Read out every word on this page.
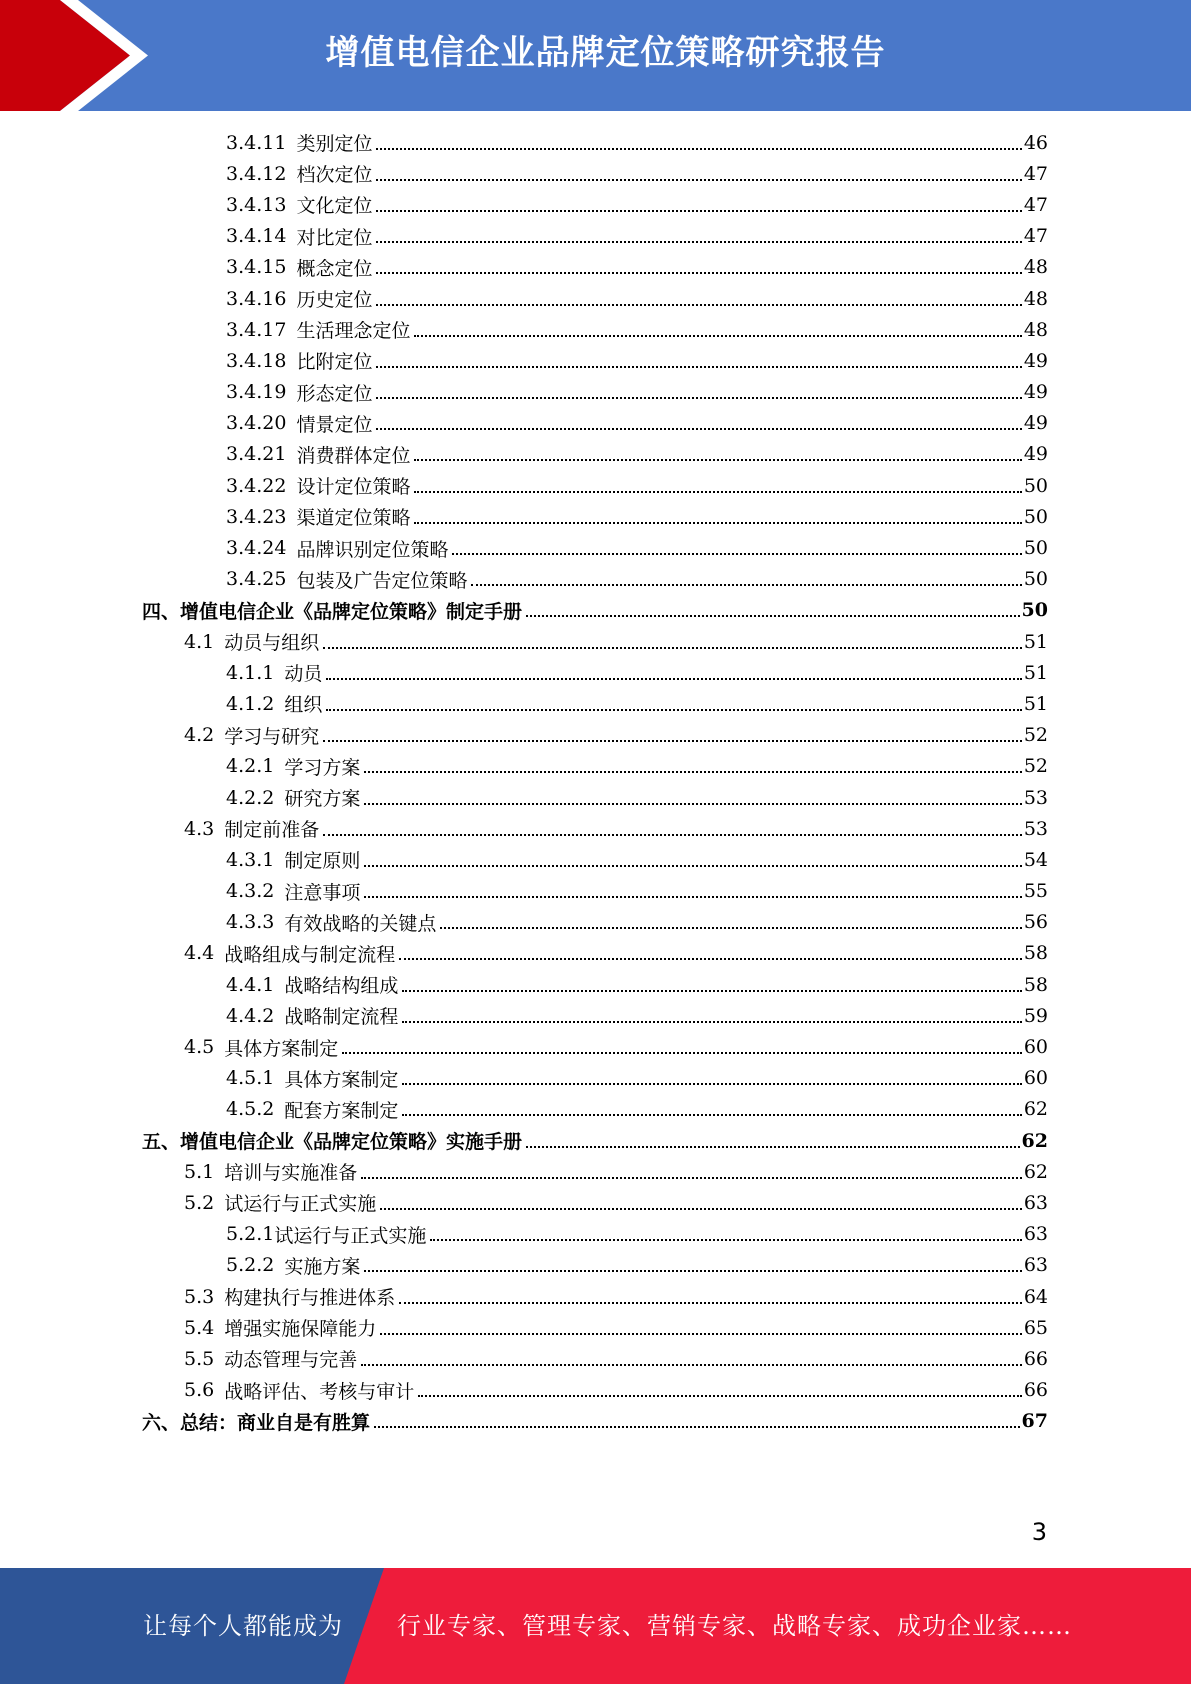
增值电信企业品牌定位策略研究报告
3.4.11 类别定位	46
3.4.12 档次定位	47
3.4.13 文化定位	47
3.4.14 对比定位	47
3.4.15 概念定位	48
3.4.16 历史定位	48
3.4.17 生活理念定位	48
3.4.18 比附定位	49
3.4.19 形态定位	49
3.4.20 情景定位	49
3.4.21 消费群体定位	49
3.4.22 设计定位策略	50
3.4.23 渠道定位策略	50
3.4.24 品牌识别定位策略	50
3.4.25 包装及广告定位策略	50
四、增值电信企业《品牌定位策略》制定手册	50
4.1 动员与组织	51
4.1.1 动员	51
4.1.2 组织	51
4.2 学习与研究	52
4.2.1 学习方案	52
4.2.2 研究方案	53
4.3 制定前准备	53
4.3.1 制定原则	54
4.3.2 注意事项	55
4.3.3 有效战略的关键点	56
4.4 战略组成与制定流程	58
4.4.1 战略结构组成	58
4.4.2 战略制定流程	59
4.5 具体方案制定	60
4.5.1 具体方案制定	60
4.5.2 配套方案制定	62
五、增值电信企业《品牌定位策略》实施手册	62
5.1 培训与实施准备	62
5.2 试运行与正式实施	63
5.2.1 试运行与正式实施	63
5.2.2 实施方案	63
5.3 构建执行与推进体系	64
5.4 增强实施保障能力	65
5.5 动态管理与完善	66
5.6 战略评估、考核与审计	66
六、总结：商业自是有胜算	67
3
让每个人都能成为 行业专家、管理专家、营销专家、战略专家、成功企业家……
